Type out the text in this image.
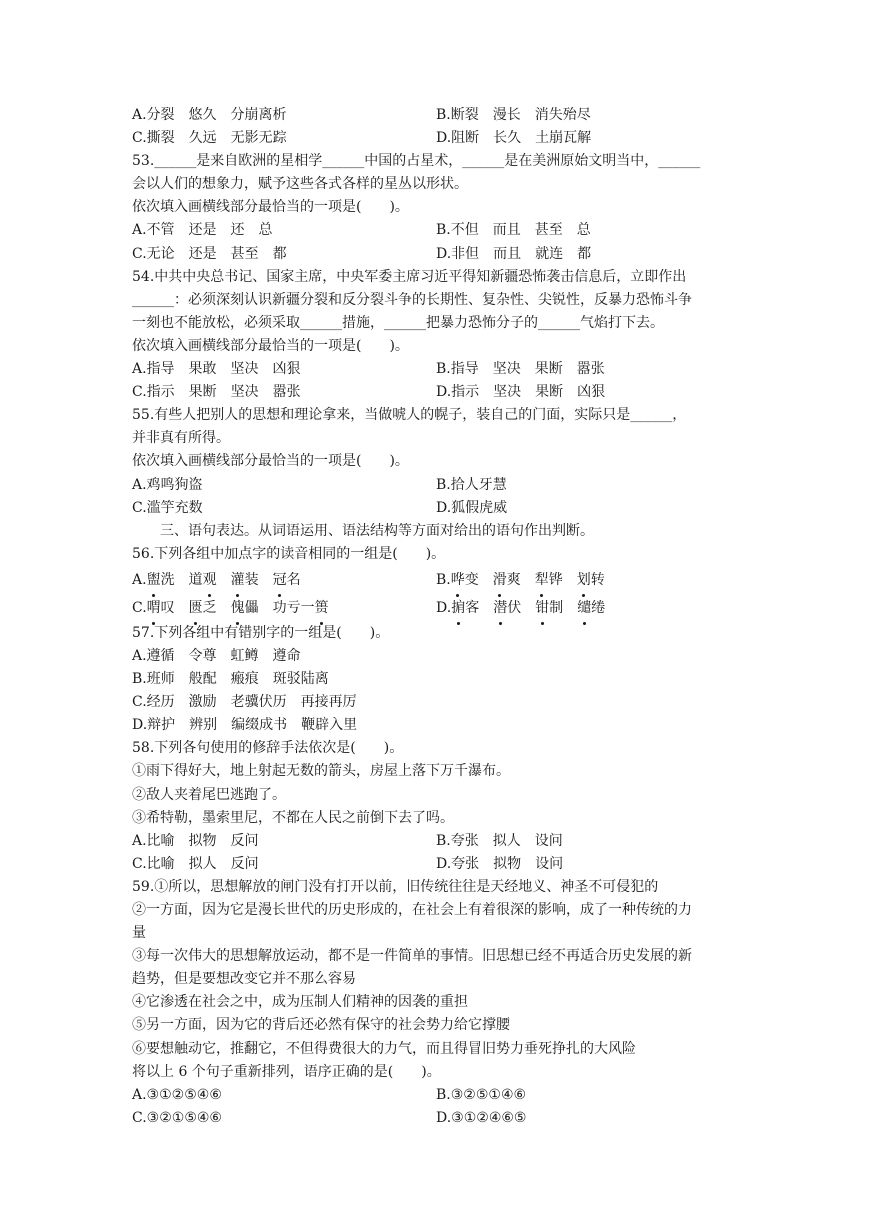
A.分裂　悠久　分崩离析	B.断裂　漫长　消失殆尽
C.撕裂　久远　无影无踪	D.阻断　长久　土崩瓦解
53.______是来自欧洲的星相学______中国的占星术，______是在美洲原始文明当中，______
会以人们的想象力，赋予这些各式各样的星丛以形状。
依次填入画横线部分最恰当的一项是(　　)。
A.不管　还是　还　总	B.不但　而且　甚至　总
C.无论　还是　甚至　都	D.非但　而且　就连　都
54.中共中央总书记、国家主席，中央军委主席习近平得知新疆恐怖袭击信息后，立即作出
______：必须深刻认识新疆分裂和反分裂斗争的长期性、复杂性、尖锐性，反暴力恐怖斗争
一刻也不能放松，必须采取______措施，______把暴力恐怖分子的______气焰打下去。
依次填入画横线部分最恰当的一项是(　　)。
A.指导　果敢　坚决　凶狠	B.指导　坚决　果断　嚣张
C.指示　果断　坚决　嚣张	D.指示　坚决　果断　凶狠
55.有些人把别人的思想和理论拿来，当做唬人的幌子，装自己的门面，实际只是______，
并非真有所得。
依次填入画横线部分最恰当的一项是(　　)。
A.鸡鸣狗盗	B.拾人牙慧
C.滥竽充数	D.狐假虎威
三、语句表达。从词语运用、语法结构等方面对给出的语句作出判断。
56.下列各组中加点字的读音相同的一组是(　　)。
A.盥洗　道观　 灌装　冠名	B.哗变　滑爽　犁铧　划转
C.喟叹　匮乏　傀儡　功亏一篑	D.掮客　潜伏　钳制　缱绻
57.下列各组中有错别字的一组是(　　)。
A.遵循　令尊　虹鳟　遵命
B.班师　般配　瘢痕　斑驳陆离
C.经历　激励　老骥伏历　再接再厉
D.辩护　辨别　编缀成书　鞭辟入里
58.下列各句使用的修辞手法依次是(　　)。
①雨下得好大，地上射起无数的箭头，房屋上落下万千瀑布。
②敌人夹着尾巴逃跑了。
③希特勒，墨索里尼，不都在人民之前倒下去了吗。
A.比喻　拟物　反问	B.夸张　拟人　设问
C.比喻　拟人　反问	D.夸张　拟物　设问
59.①所以，思想解放的闸门没有打开以前，旧传统往往是天经地义、神圣不可侵犯的
②一方面，因为它是漫长世代的历史形成的，在社会上有着很深的影响，成了一种传统的力
量
③每一次伟大的思想解放运动，都不是一件简单的事情。旧思想已经不再适合历史发展的新
趋势，但是要想改变它并不那么容易
④它渗透在社会之中，成为压制人们精神的因袭的重担
⑤另一方面，因为它的背后还必然有保守的社会势力给它撑腰
⑥要想触动它，推翻它，不但得费很大的力气，而且得冒旧势力垂死挣扎的大风险
将以上 6 个句子重新排列，语序正确的是(　　)。
A.③①②⑤④⑥	B.③②⑤①④⑥
C.③②①⑤④⑥	D.③①②④⑥⑤
